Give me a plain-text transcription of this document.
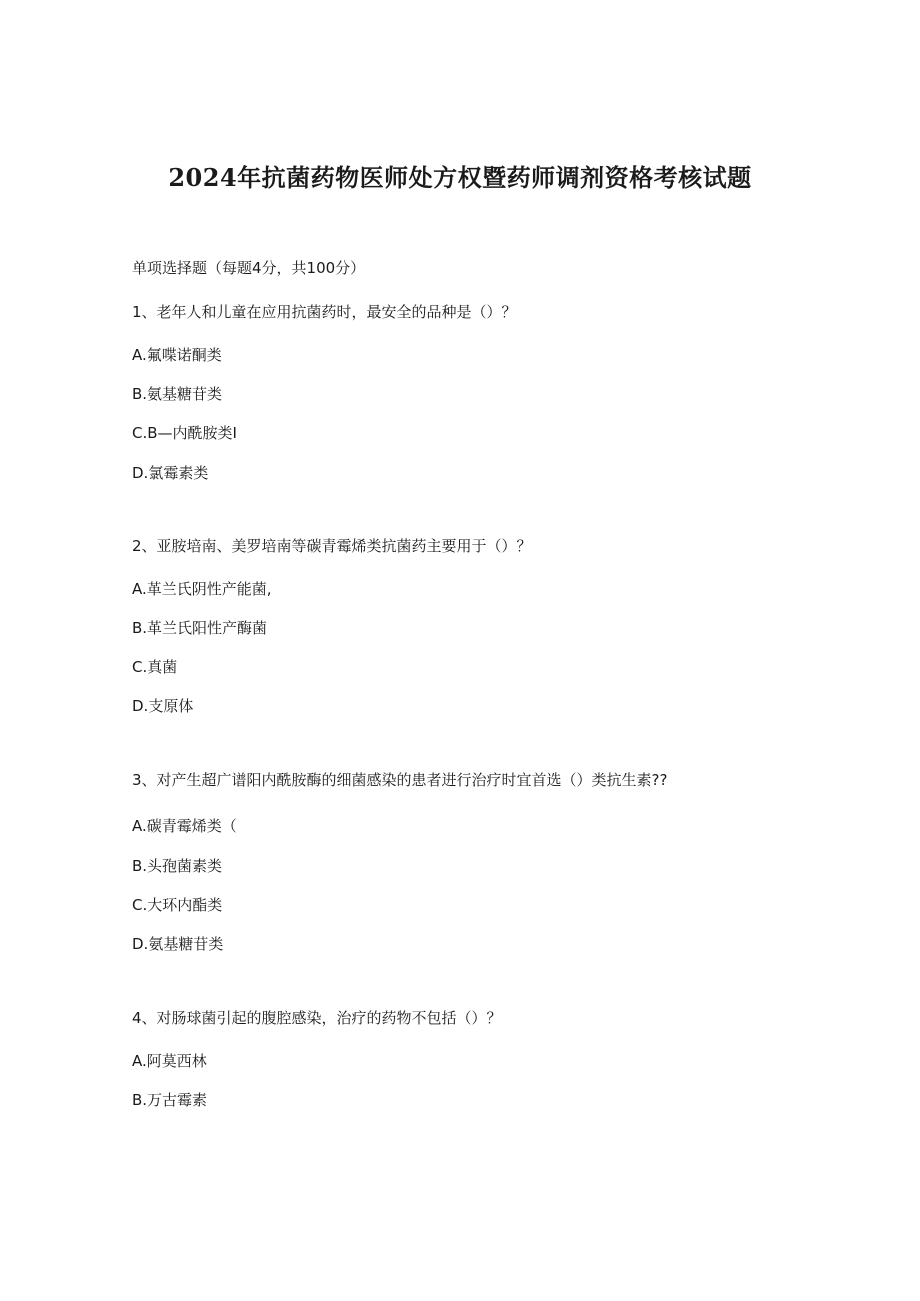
2024年抗菌药物医师处方权暨药师调剂资格考核试题
单项选择题（每题4分，共100分）
1、老年人和儿童在应用抗菌药时，最安全的品种是（）？
A.氟喋诺酮类
B.氨基糖苷类
C.B—内酰胺类I
D.氯霉素类
2、亚胺培南、美罗培南等碳青霉烯类抗菌药主要用于（）？
A.革兰氏阴性产能菌,
B.革兰氏阳性产酶菌
C.真菌
D.支原体
3、对产生超广谱阳内酰胺酶的细菌感染的患者进行治疗时宜首选（）类抗生素??
A.碳青霉烯类（
B.头孢菌素类
C.大环内酯类
D.氨基糖苷类
4、对肠球菌引起的腹腔感染，治疗的药物不包括（）？
A.阿莫西林
B.万古霉素
